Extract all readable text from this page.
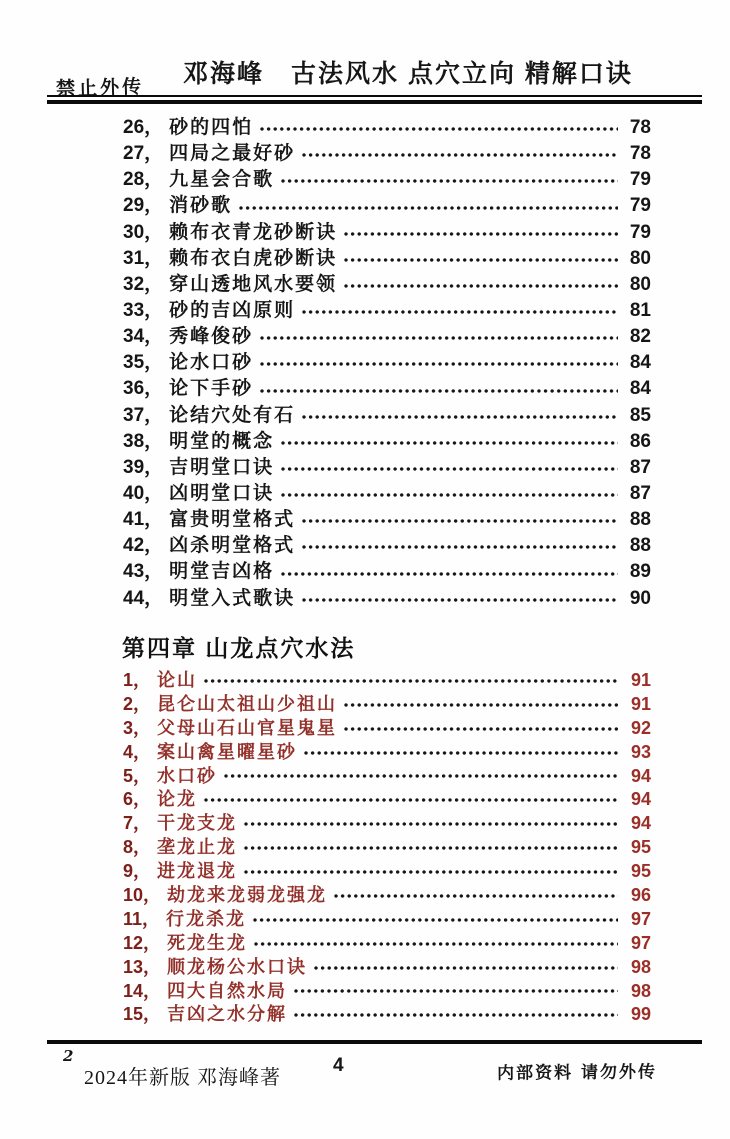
禁止外传 邓海峰　古法风水 点穴立向 精解口诀
26， 砂的四怕	78
27， 四局之最好砂	78
28， 九星会合歌	79
29， 消砂歌	79
30， 赖布衣青龙砂断诀	79
31， 赖布衣白虎砂断诀	80
32， 穿山透地风水要领	80
33， 砂的吉凶原则	81
34， 秀峰俊砂	82
35， 论水口砂	84
36， 论下手砂	84
37， 论结穴处有石	85
38， 明堂的概念	86
39， 吉明堂口诀	87
40， 凶明堂口诀	87
41， 富贵明堂格式	88
42， 凶杀明堂格式	88
43， 明堂吉凶格	89
44， 明堂入式歌诀	90
第四章 山龙点穴水法
1， 论山	91
2， 昆仑山太祖山少祖山	91
3， 父母山石山官星鬼星	92
4， 案山禽星曜星砂	93
5， 水口砂	94
6， 论龙	94
7， 干龙支龙	94
8， 垄龙止龙	95
9， 进龙退龙	95
10， 劫龙来龙弱龙强龙	96
11， 行龙杀龙	97
12， 死龙生龙	97
13， 顺龙杨公水口诀	98
14， 四大自然水局	98
15， 吉凶之水分解	99
2
2024年新版 邓海峰著
4	内部资料 请勿外传
